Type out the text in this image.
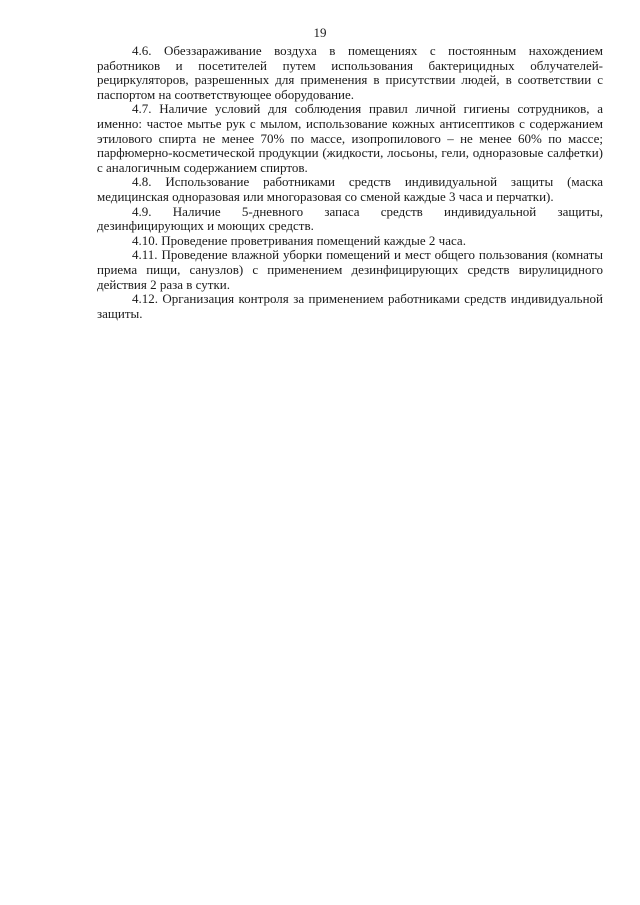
19

4.6. Обеззараживание воздуха в помещениях с постоянным нахождением работников и посетителей путем использования бактерицидных облучателей-рециркуляторов, разрешенных для применения в присутствии людей, в соответствии с паспортом на соответствующее оборудование.

4.7. Наличие условий для соблюдения правил личной гигиены сотрудников, а именно: частое мытье рук с мылом, использование кожных антисептиков с содержанием этилового спирта не менее 70% по массе, изопропилового – не менее 60% по массе; парфюмерно-косметической продукции (жидкости, лосьоны, гели, одноразовые салфетки) с аналогичным содержанием спиртов.

4.8. Использование работниками средств индивидуальной защиты (маска медицинская одноразовая или многоразовая со сменой каждые 3 часа и перчатки).

4.9. Наличие 5-дневного запаса средств индивидуальной защиты, дезинфицирующих и моющих средств.

4.10. Проведение проветривания помещений каждые 2 часа.

4.11. Проведение влажной уборки помещений и мест общего пользования (комнаты приема пищи, санузлов) с применением дезинфицирующих средств вирулицидного действия 2 раза в сутки.

4.12. Организация контроля за применением работниками средств индивидуальной защиты.
